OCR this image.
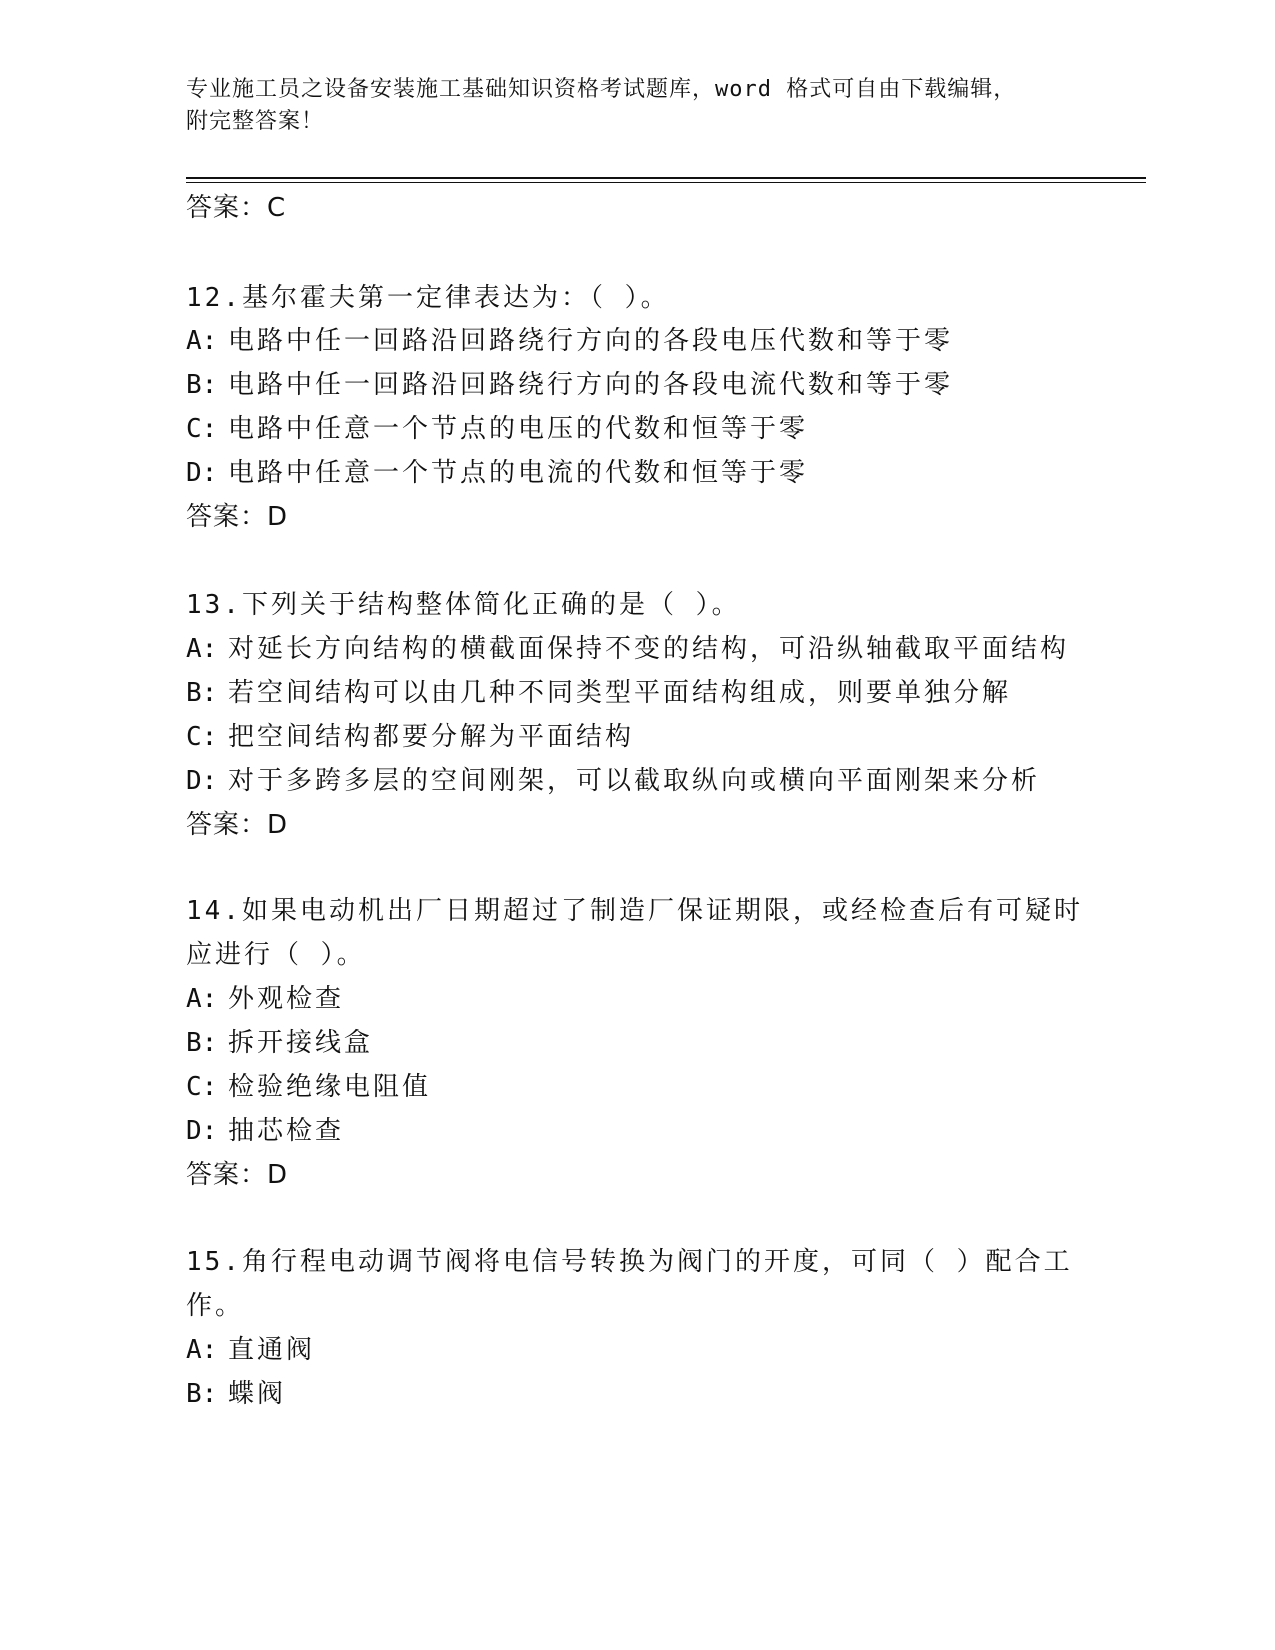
专业施工员之设备安装施工基础知识资格考试题库，word 格式可自由下载编辑，
附完整答案！
答案：C
12.基尔霍夫第一定律表达为：（ ）。
A: 电路中任一回路沿回路绕行方向的各段电压代数和等于零
B: 电路中任一回路沿回路绕行方向的各段电流代数和等于零
C: 电路中任意一个节点的电压的代数和恒等于零
D: 电路中任意一个节点的电流的代数和恒等于零
答案：D
13.下列关于结构整体简化正确的是（ ）。
A: 对延长方向结构的横截面保持不变的结构，可沿纵轴截取平面结构
B: 若空间结构可以由几种不同类型平面结构组成，则要单独分解
C: 把空间结构都要分解为平面结构
D: 对于多跨多层的空间刚架，可以截取纵向或横向平面刚架来分析
答案：D
14.如果电动机出厂日期超过了制造厂保证期限，或经检查后有可疑时
应进行（ ）。
A: 外观检查
B: 拆开接线盒
C: 检验绝缘电阻值
D: 抽芯检查
答案：D
15.角行程电动调节阀将电信号转换为阀门的开度，可同（ ）配合工
作。
A: 直通阀
B: 蝶阀
